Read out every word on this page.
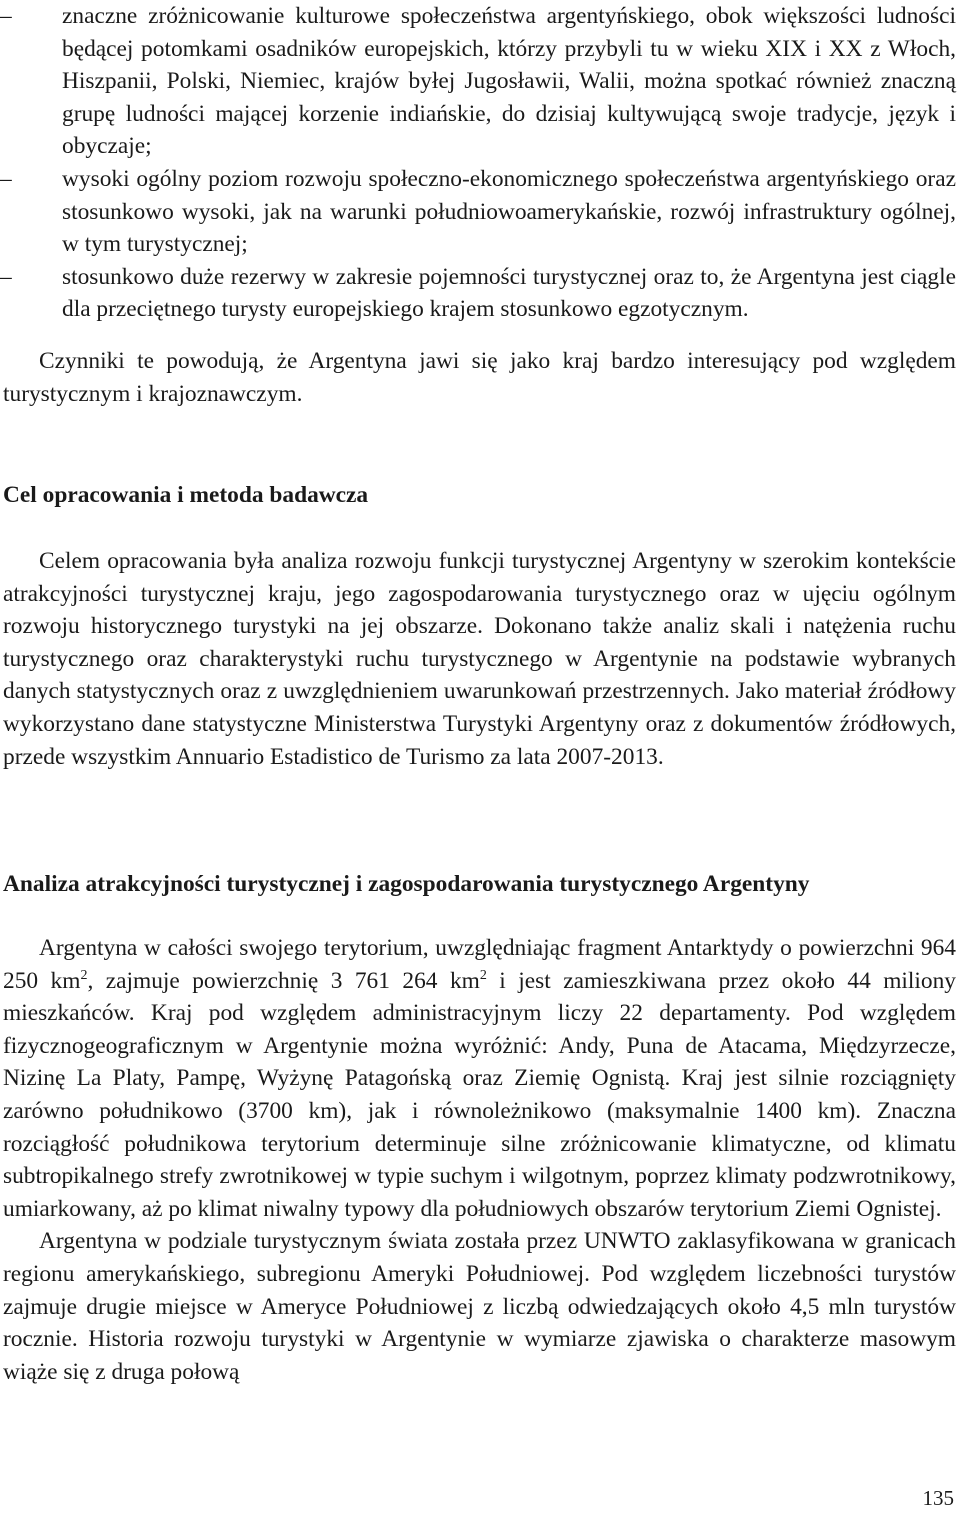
–	znaczne zróżnicowanie kulturowe społeczeństwa argentyńskiego, obok większości ludności będącej potomkami osadników europejskich, którzy przybyli tu w wieku XIX i XX z Włoch, Hiszpanii, Polski, Niemiec, krajów byłej Jugosławii, Walii, można spotkać również znaczną grupę ludności mającej korzenie indiańskie, do dzisiaj kultywującą swoje tradycje, język i obyczaje;
–	wysoki ogólny poziom rozwoju społeczno-ekonomicznego społeczeństwa argentyńskiego oraz stosunkowo wysoki, jak na warunki południowoamerykańskie, rozwój infrastruktury ogólnej, w tym turystycznej;
–	stosunkowo duże rezerwy w zakresie pojemności turystycznej oraz to, że Argentyna jest ciągle dla przeciętnego turysty europejskiego krajem stosunkowo egzotycznym.

Czynniki te powodują, że Argentyna jawi się jako kraj bardzo interesujący pod względem turystycznym i krajoznawczym.

Cel opracowania i metoda badawcza

Celem opracowania była analiza rozwoju funkcji turystycznej Argentyny w szerokim kontekście atrakcyjności turystycznej kraju, jego zagospodarowania turystycznego oraz w ujęciu ogólnym rozwoju historycznego turystyki na jej obszarze. Dokonano także analiz skali i natężenia ruchu turystycznego oraz charakterystyki ruchu turystycznego w Argentynie na podstawie wybranych danych statystycznych oraz z uwzględnieniem uwarunkowań przestrzennych. Jako materiał źródłowy wykorzystano dane statystyczne Ministerstwa Turystyki Argentyny oraz z dokumentów źródłowych, przede wszystkim Annuario Estadistico de Turismo za lata 2007-2013.

Analiza atrakcyjności turystycznej i zagospodarowania turystycznego Argentyny

Argentyna w całości swojego terytorium, uwzględniając fragment Antarktydy o powierzchni 964 250 $km^2$, zajmuje powierzchnię 3 761 264 $km^2$ i jest zamieszkiwana przez około 44 miliony mieszkańców. Kraj pod względem administracyjnym liczy 22 departamenty. Pod względem fizycznogeograficznym w Argentynie można wyróżnić: Andy, Puna de Atacama, Międzyrzecze, Nizinę La Platy, Pampę, Wyżynę Patagońską oraz Ziemię Ognistą. Kraj jest silnie rozciągnięty zarówno południkowo (3700 km), jak i równoleżnikowo (maksymalnie 1400 km). Znaczna rozciągłość południkowa terytorium determinuje silne zróżnicowanie klimatyczne, od klimatu subtropikalnego strefy zwrotnikowej w typie suchym i wilgotnym, poprzez klimaty podzwrotnikowy, umiarkowany, aż po klimat niwalny typowy dla południowych obszarów terytorium Ziemi Ognistej.

Argentyna w podziale turystycznym świata została przez UNWTO zaklasyfikowana w granicach regionu amerykańskiego, subregionu Ameryki Południowej. Pod względem liczebności turystów zajmuje drugie miejsce w Ameryce Południowej z liczbą odwiedzających około 4,5 mln turystów rocznie. Historia rozwoju turystyki w Argentynie w wymiarze zjawiska o charakterze masowym wiąże się z druga połową

135
